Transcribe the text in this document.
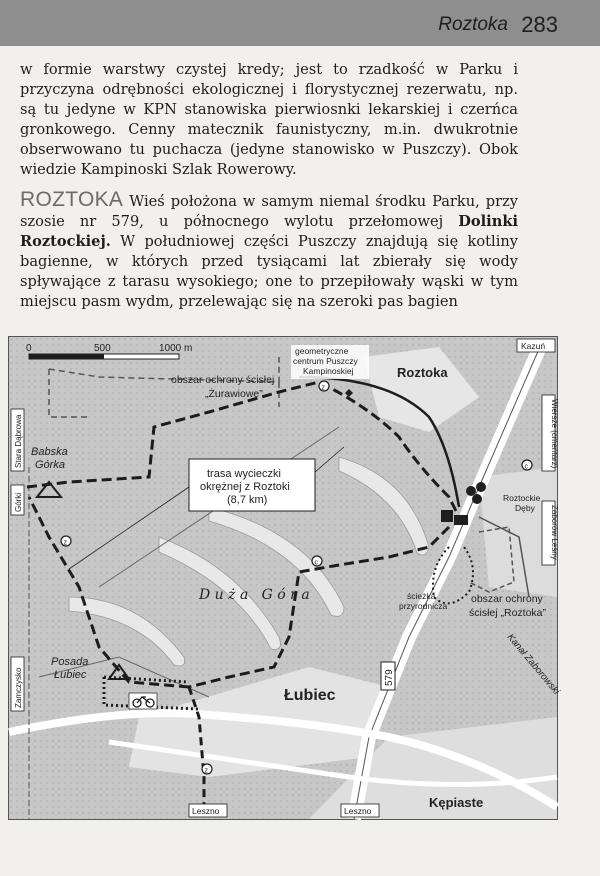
Roztoka 283

w formie warstwy czystej kredy; jest to rzadkość w Parku i przyczyna odrębności ekologicznej i florystycznej rezerwatu, np. są tu jedyne w KPN stanowiska pierwiosnki lekarskiej i czerńca gronkowego. Cenny matecznik faunistyczny, m.in. dwukrotnie obserwowano tu puchacza (jedyne stanowisko w Puszczy). Obok wiedzie Kampinoski Szlak Rowerowy.

ROZTOKA Wieś położona w samym niemal środku Parku, przy szosie nr 579, u północnego wylotu przełomowej Dolinki Roztockiej. W południowej części Puszczy znajdują się kotliny bagienne, w których przed tysiącami lat zbierały się wody spływające z tarasu wysokiego; one to przepiłowały wąski w tym miejscu pasm wydm, przelewając się na szeroki pas bagien

P
z
c
z
c
z
0	500	1000 m
obszar ochrony ścisłej
„Żurawiowe”
geometryczne
centrum Puszczy
Kampinoskiej	Roztoka
Łubiec
Kępiaste
Babska
Górka
Posada
Łubiec
D u ż a   G ó r a
Roztockie
Dęby
ścieżka
przyrodnicza
obszar ochrony
ścisłej „Roztoka”
trasa wycieczki
okrężnej z Roztoki
(8,7 km)
579	Kanał Zaborowski
Kazuń
Leszno	Leszno
Wiersze (cmentarz)
Zaborów Leśny
Stara Dąbrowa
Górki
Zamczysko
